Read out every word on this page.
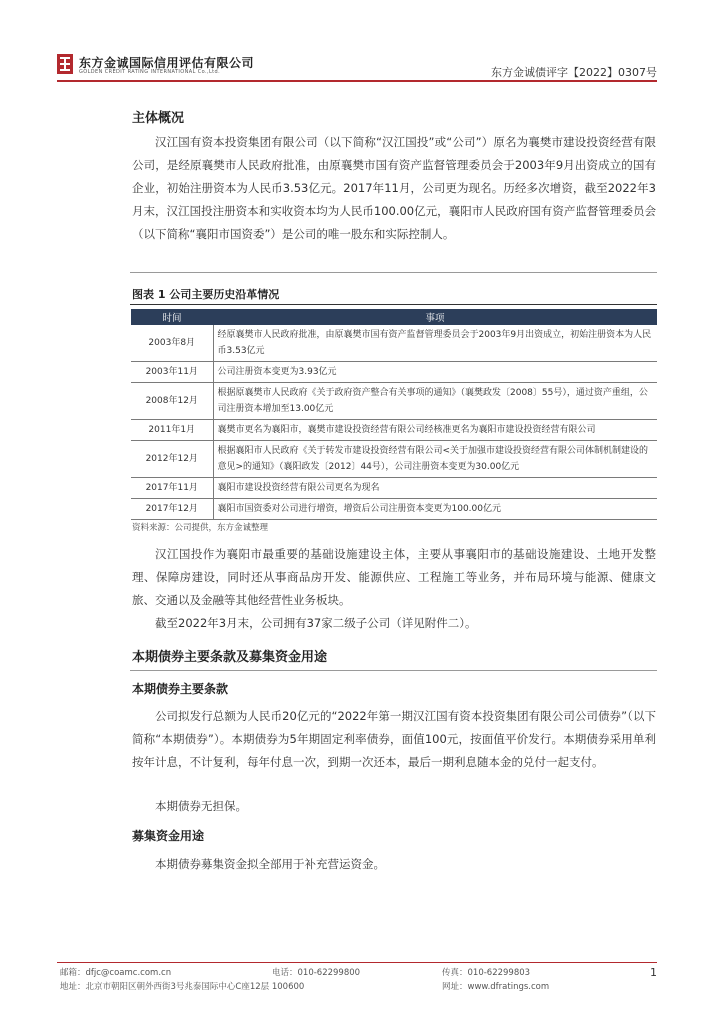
东方金诚国际信用评估有限公司
GOLDEN CREDIT RATING INTERNATIONAL Co.,Ltd.	东方金诚债评字【2022】0307号
主体概况

汉江国有资本投资集团有限公司（以下简称“汉江国投”或“公司”）原名为襄樊市建设投资经营有限公司，是经原襄樊市人民政府批准，由原襄樊市国有资产监督管理委员会于2003年9月出资成立的国有企业，初始注册资本为人民币3.53亿元。2017年11月，公司更为现名。历经多次增资，截至2022年3月末，汉江国投注册资本和实收资本均为人民币100.00亿元，襄阳市人民政府国有资产监督管理委员会（以下简称“襄阳市国资委”）是公司的唯一股东和实际控制人。

图表 1 公司主要历史沿革情况
时间	事项
2003年8月	经原襄樊市人民政府批准，由原襄樊市国有资产监督管理委员会于2003年9月出资成立，初始注册资本为人民币3.53亿元
2003年11月	公司注册资本变更为3.93亿元
2008年12月	根据原襄樊市人民政府《关于政府资产整合有关事项的通知》（襄樊政发〔2008〕55号），通过资产重组，公司注册资本增加至13.00亿元
2011年1月	襄樊市更名为襄阳市，襄樊市建设投资经营有限公司经核准更名为襄阳市建设投资经营有限公司
2012年12月	根据襄阳市人民政府《关于转发市建设投资经营有限公司<关于加强市建设投资经营有限公司体制机制建设的意见>的通知》（襄阳政发〔2012〕44号），公司注册资本变更为30.00亿元
2017年11月	襄阳市建设投资经营有限公司更名为现名
2017年12月	襄阳市国资委对公司进行增资，增资后公司注册资本变更为100.00亿元
资料来源：公司提供，东方金诚整理

汉江国投作为襄阳市最重要的基础设施建设主体，主要从事襄阳市的基础设施建设、土地开发整理、保障房建设，同时还从事商品房开发、能源供应、工程施工等业务，并布局环境与能源、健康文旅、交通以及金融等其他经营性业务板块。

截至2022年3月末，公司拥有37家二级子公司（详见附件二）。

本期债券主要条款及募集资金用途
本期债券主要条款

公司拟发行总额为人民币20亿元的“2022年第一期汉江国有资本投资集团有限公司公司债券”（以下简称“本期债券”）。本期债券为5年期固定利率债券，面值100元，按面值平价发行。本期债券采用单利按年计息，不计复利，每年付息一次，到期一次还本，最后一期利息随本金的兑付一起支付。

本期债券无担保。

募集资金用途

本期债券募集资金拟全部用于补充营运资金。

邮箱：dfjc@coamc.com.cn	电话：010-62299800	传真：010-62299803
地址：北京市朝阳区朝外西街3号兆泰国际中心C座12层 100600	网址：www.dfratings.com
1
